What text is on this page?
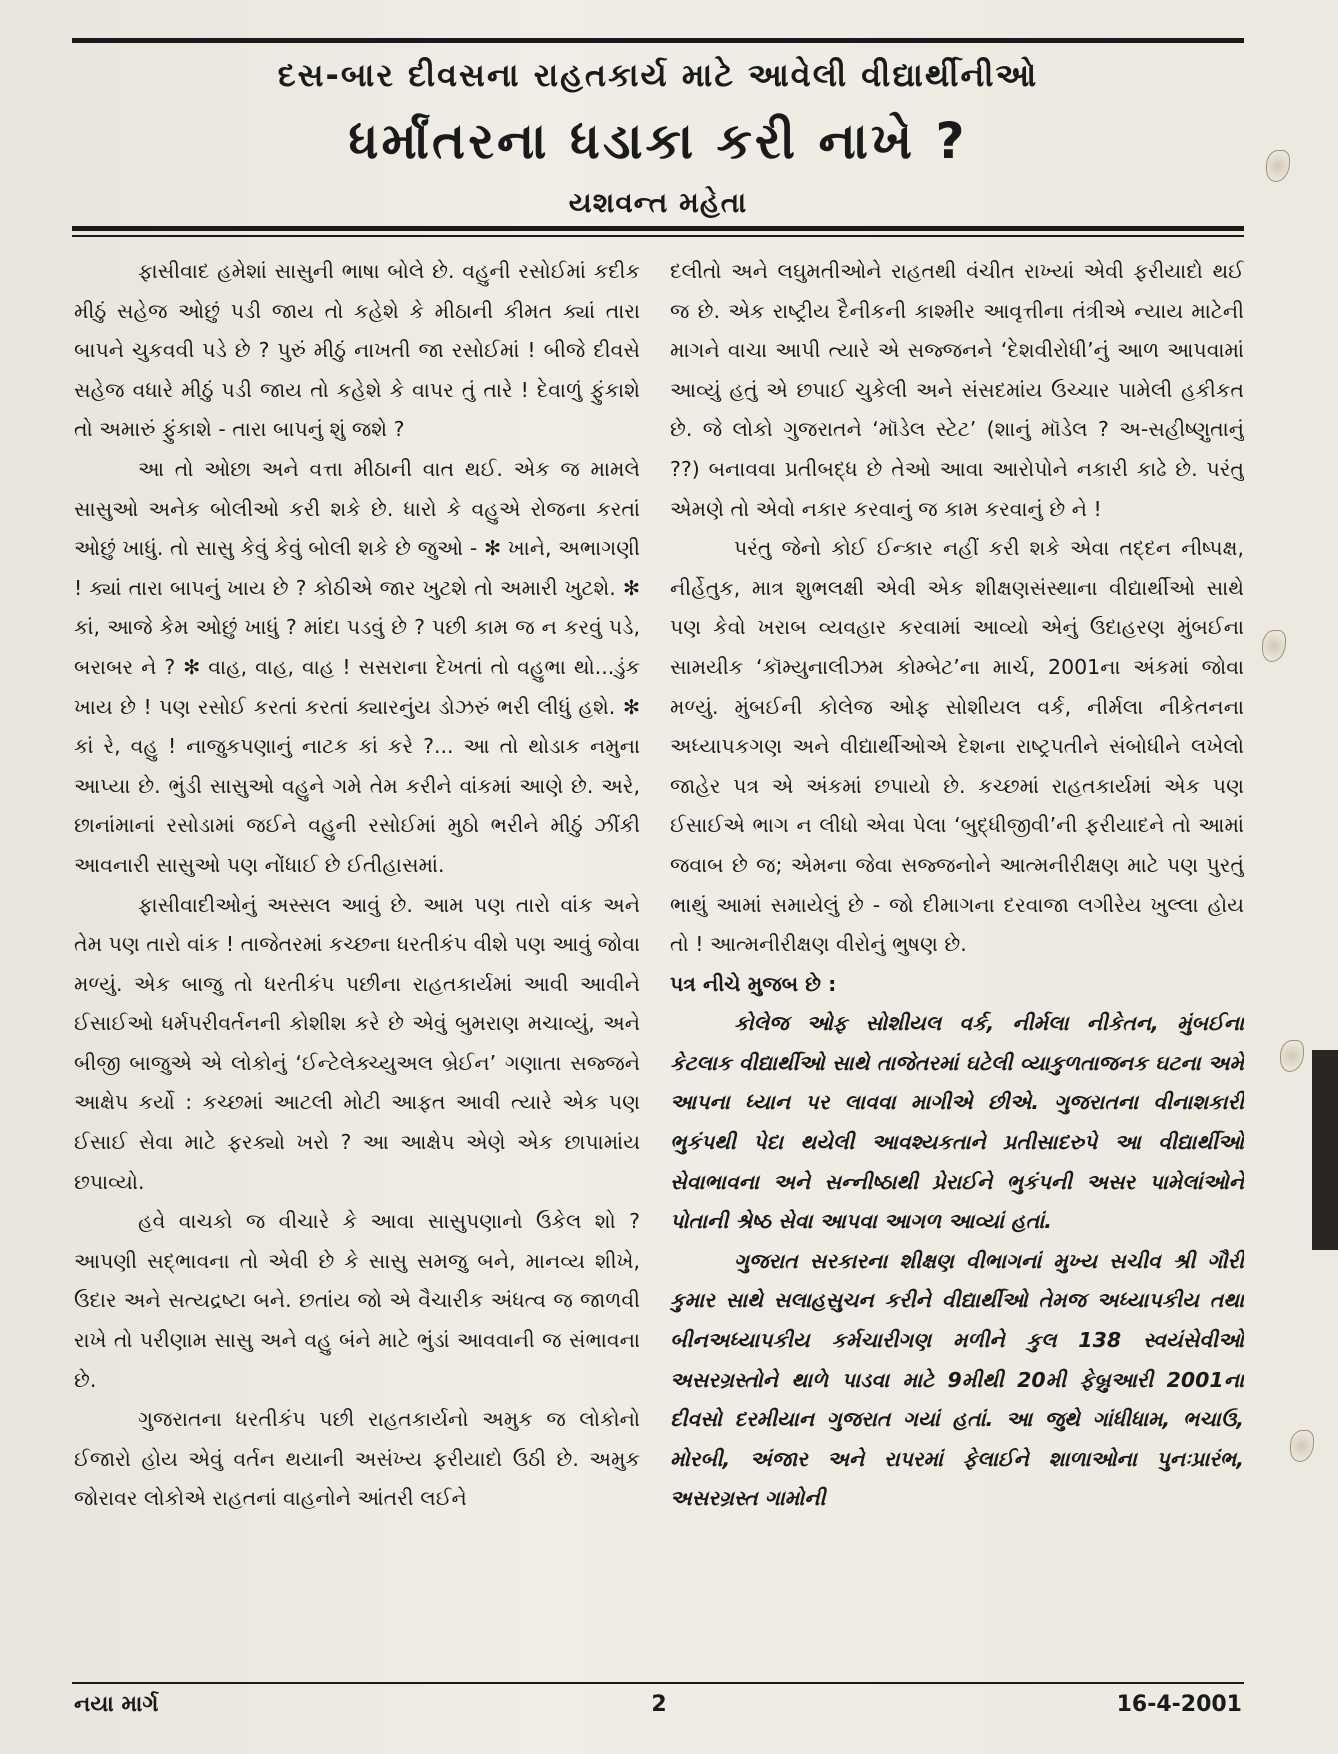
દસ-બાર દીવસના રાહતકાર્ય માટે આવેલી વીદ્યાર્થીનીઓ
ધર્માંતરના ધડાકા કરી નાખે ?
યશવન્ત મહેતા

ફાસીવાદ હમેશાં સાસુની ભાષા બોલે છે. વહુની રસોઈમાં કદીક મીઠું સહેજ ઓછું પડી જાય તો કહેશે કે મીઠાની કીમત ક્યાં તારા બાપને ચુકવવી પડે છે ? પુરું મીઠું નાખતી જા રસોઈમાં ! બીજે દીવસે સહેજ વધારે મીઠું પડી જાય તો કહેશે કે વાપર તું તારે ! દેવાળું ફુંકાશે તો અમારું ફુંકાશે - તારા બાપનું શું જશે ?

આ તો ઓછા અને વત્તા મીઠાની વાત થઈ. એક જ મામલે સાસુઓ અનેક બોલીઓ કરી શકે છે. ધારો કે વહુએ રોજના કરતાં ઓછું ખાધું. તો સાસુ કેવું કેવું બોલી શકે છે જુઓ - ✻ ખાને, અભાગણી ! ક્યાં તારા બાપનું ખાય છે ? કોઠીએ જાર ખુટશે તો અમારી ખુટશે. ✻ કાં, આજે કેમ ઓછું ખાધું ? માંદા પડવું છે ? પછી કામ જ ન કરવું પડે, બરાબર ને ? ✻ વાહ, વાહ, વાહ ! સસરાના દેખતાં તો વહુભા થો...ડુંક ખાય છે ! પણ રસોઈ કરતાં કરતાં ક્યારનુંય ડોઝરું ભરી લીધું હશે. ✻ કાં રે, વહુ ! નાજુકપણાનું નાટક કાં કરે ?... આ તો થોડાક નમુના આપ્યા છે. ભુંડી સાસુઓ વહુને ગમે તેમ કરીને વાંકમાં આણે છે. અરે, છાનાંમાનાં રસોડામાં જઈને વહુની રસોઈમાં મુઠો ભરીને મીઠું ઝીંકી આવનારી સાસુઓ પણ નોંધાઈ છે ઈતીહાસમાં.

ફાસીવાદીઓનું અસ્સલ આવું છે. આમ પણ તારો વાંક અને તેમ પણ તારો વાંક ! તાજેતરમાં કચ્છના ધરતીકંપ વીશે પણ આવું જોવા મળ્યું. એક બાજુ તો ધરતીકંપ પછીના રાહતકાર્યમાં આવી આવીને ઈસાઈઓ ધર્મપરીવર્તનની કોશીશ કરે છે એવું બુમરાણ મચાવ્યું, અને બીજી બાજુએ એ લોકોનું ‘ઈન્ટેલેક્ચ્યુઅલ બ્રેઈન’ ગણાતા સજ્જને આક્ષેપ કર્યો : કચ્છમાં આટલી મોટી આફત આવી ત્યારે એક પણ ઈસાઈ સેવા માટે ફરક્યો ખરો ? આ આક્ષેપ એણે એક છાપામાંય છપાવ્યો.

હવે વાચકો જ વીચારે કે આવા સાસુપણાનો ઉકેલ શો ? આપણી સદ્ભાવના તો એવી છે કે સાસુ સમજુ બને, માનવ્ય શીખે, ઉદાર અને સત્યદ્રષ્ટા બને. છતાંય જો એ વૈચારીક અંધત્વ જ જાળવી રાખે તો પરીણામ સાસુ અને વહુ બંને માટે ભુંડાં આવવાની જ સંભાવના છે.

ગુજરાતના ધરતીકંપ પછી રાહતકાર્યનો અમુક જ લોકોનો ઈજારો હોય એવું વર્તન થયાની અસંખ્ય ફરીયાદો ઉઠી છે. અમુક જોરાવર લોકોએ રાહતનાં વાહનોને આંતરી લઈને

દલીતો અને લઘુમતીઓને રાહતથી વંચીત રાખ્યાં એવી ફરીયાદો થઈ જ છે. એક રાષ્ટ્રીય દૈનીકની કાશ્મીર આવૃત્તીના તંત્રીએ ન્યાય માટેની માગને વાચા આપી ત્યારે એ સજ્જનને ‘દેશવીરોધી’નું આળ આપવામાં આવ્યું હતું એ છપાઈ ચુકેલી અને સંસદમાંય ઉચ્ચાર પામેલી હકીકત છે. જે લોકો ગુજરાતને ‘મૉડેલ સ્ટેટ’ (શાનું મૉડેલ ? અ-સહીષ્ણુતાનું ??) બનાવવા પ્રતીબદ્ધ છે તેઓ આવા આરોપોને નકારી કાઢે છે. પરંતુ એમણે તો એવો નકાર કરવાનું જ કામ કરવાનું છે ને !

પરંતુ જેનો કોઈ ઈન્કાર નહીં કરી શકે એવા તદ્દન નીષ્પક્ષ, નીર્હેતુક, માત્ર શુભલક્ષી એવી એક શીક્ષણસંસ્થાના વીદ્યાર્થીઓ સાથે પણ કેવો ખરાબ વ્યવહાર કરવામાં આવ્યો એનું ઉદાહરણ મુંબઈના સામયીક ‘કૉમ્યુનાલીઝમ કોમ્બેટ’ના માર્ચ, 2001ના અંકમાં જોવા મળ્યું. મુંબઈની કોલેજ ઓફ સોશીયલ વર્ક, નીર્મલા નીકેતનના અધ્યાપકગણ અને વીદ્યાર્થીઓએ દેશના રાષ્ટ્રપતીને સંબોધીને લખેલો જાહેર પત્ર એ અંકમાં છપાયો છે. કચ્છમાં રાહતકાર્યમાં એક પણ ઈસાઈએ ભાગ ન લીધો એવા પેલા ‘બુદ્ધીજીવી’ની ફરીયાદને તો આમાં જવાબ છે જ; એમના જેવા સજ્જનોને આત્મનીરીક્ષણ માટે પણ પુરતું ભાથું આમાં સમાયેલું છે - જો દીમાગના દરવાજા લગીરેય ખુલ્લા હોય તો ! આત્મનીરીક્ષણ વીરોનું ભુષણ છે.

પત્ર નીચે મુજબ છે :

કોલેજ ઓફ સોશીયલ વર્ક, નીર્મલા નીકેતન, મુંબઈના કેટલાક વીદ્યાર્થીઓ સાથે તાજેતરમાં ઘટેલી વ્યાકુળતાજનક ઘટના અમે આપના ધ્યાન પર લાવવા માગીએ છીએ. ગુજરાતના વીનાશકારી ભુકંપથી પેદા થયેલી આવશ્યકતાને પ્રતીસાદરુપે આ વીદ્યાર્થીઓ સેવાભાવના અને સન્નીષ્ઠાથી પ્રેરાઈને ભુકંપની અસર પામેલાંઓને પોતાની શ્રેષ્ઠ સેવા આપવા આગળ આવ્યાં હતાં.

ગુજરાત સરકારના શીક્ષણ વીભાગનાં મુખ્ય સચીવ શ્રી ગૌરી કુમાર સાથે સલાહસુચન કરીને વીદ્યાર્થીઓ તેમજ અધ્યાપકીય તથા બીનઅધ્યાપકીય કર્મચારીગણ મળીને કુલ 138 સ્વયંસેવીઓ અસરગ્રસ્તોને થાળે પાડવા માટે 9મીથી 20મી ફેબ્રુઆરી 2001ના દીવસો દરમીયાન ગુજરાત ગયાં હતાં. આ જુથે ગાંધીધામ, ભચાઉ, મોરબી, અંજાર અને રાપરમાં ફેલાઈને શાળાઓના પુનઃપ્રારંભ, અસરગ્રસ્ત ગામોની

નયા માર્ગ	2	16-4-2001
